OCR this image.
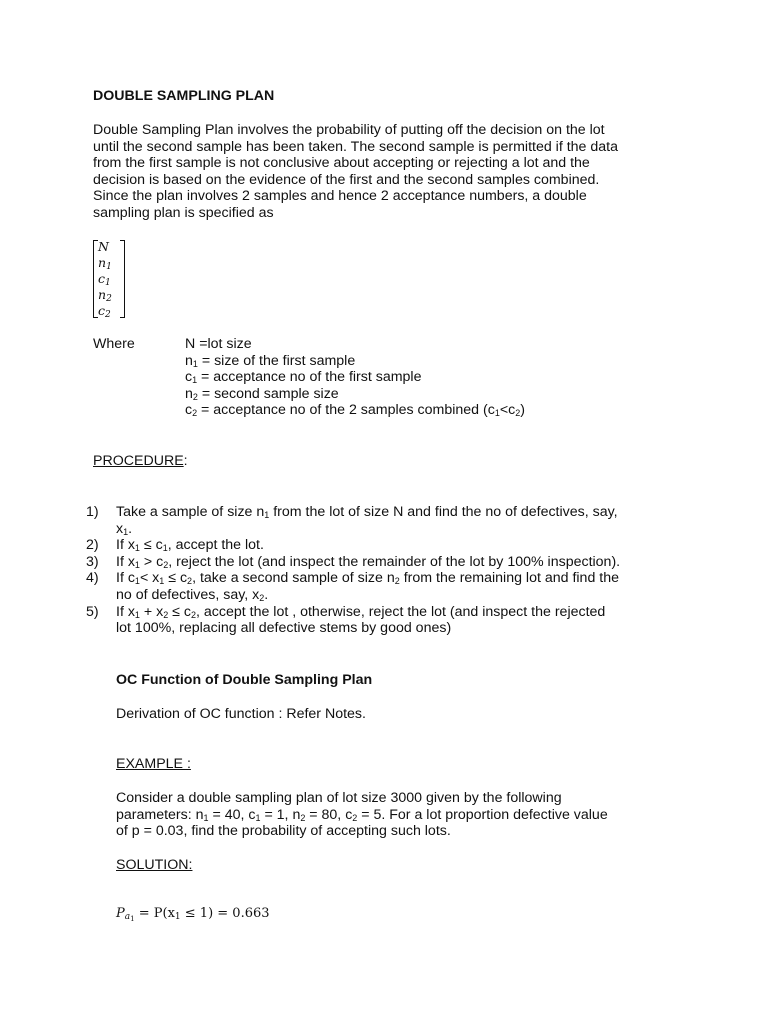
DOUBLE SAMPLING PLAN
Double Sampling Plan involves the probability of putting off the decision on the lot
until the second sample has been taken. The second sample is permitted if the data
from the first sample is not conclusive about accepting or rejecting a lot and the
decision is based on the evidence of the first and the second samples combined.
Since the plan involves 2 samples and hence 2 acceptance numbers, a double
sampling plan is specified as
N
$n_1$
$c_1$
$n_2$
$c_2$
Where	N =lot size
$n_1$ = size of the first sample
$c_1$ = acceptance no of the first sample
$n_2$ = second sample size
$c_2$ = acceptance no of the 2 samples combined $(c_1<c_2)$
PROCEDURE:
1) Take a sample of size $n_1$ from the lot of size N and find the no of defectives, say,
$x_1$.
2) If $x_1 \le c_1$, accept the lot.
3) If $x_1 > c_2$, reject the lot (and inspect the remainder of the lot by 100% inspection).
4) If $c_1< x_1 \le c_2$, take a second sample of size $n_2$ from the remaining lot and find the
no of defectives, say, $x_2$.
5) If $x_1 + x_2 \le c_2$, accept the lot , otherwise, reject the lot (and inspect the rejected
lot 100%, replacing all defective stems by good ones)
OC Function of Double Sampling Plan
Derivation of OC function : Refer Notes.
EXAMPLE :
Consider a double sampling plan of lot size 3000 given by the following
parameters: $n_1 = 40$, $c_1 = 1$, $n_2 = 80$, $c_2 = 5$. For a lot proportion defective value
of p = 0.03, find the probability of accepting such lots.
SOLUTION:
$P_{a_1} = P(x_1 \le 1) = 0.663$
